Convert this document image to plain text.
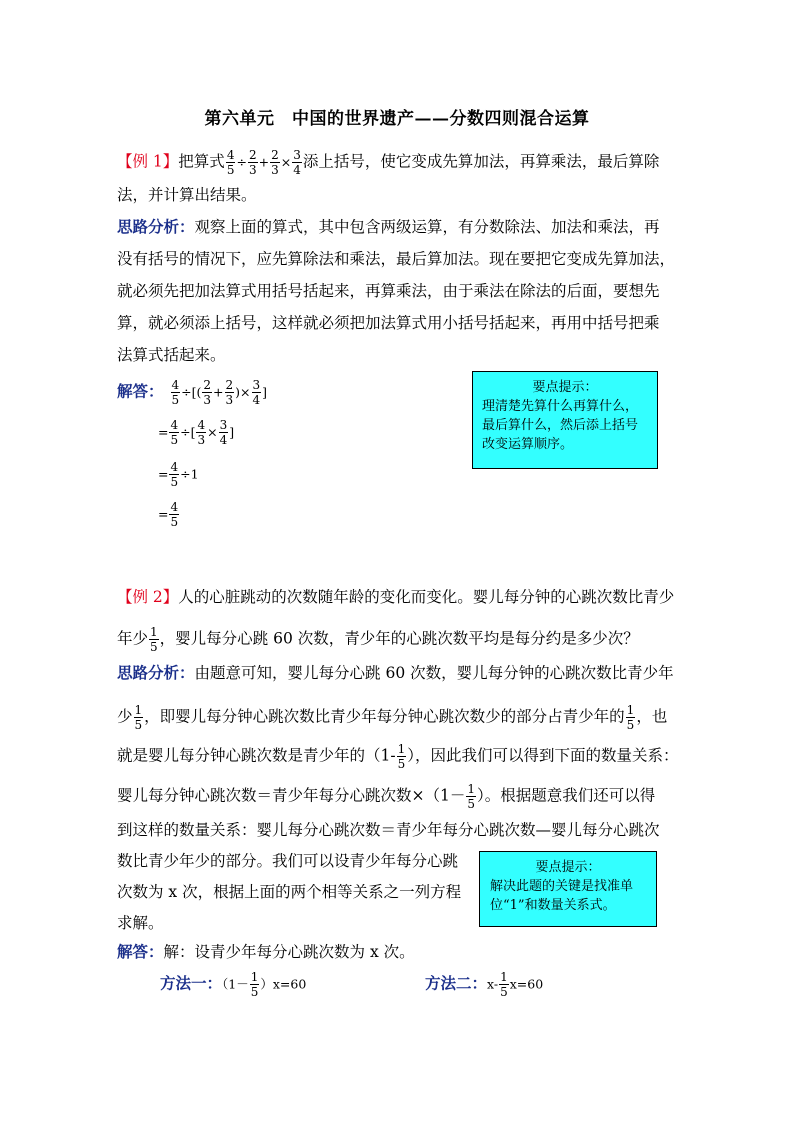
第六单元　中国的世界遗产——分数四则混合运算
【例 1】把算式 $\frac{4}{5} \div \frac{2}{3} + \frac{2}{3} \times \frac{3}{4}$ 添上括号，使它变成先算加法，再算乘法，最后算除
法，并计算出结果。
思路分析：观察上面的算式，其中包含两级运算，有分数除法、加法和乘法，再
没有括号的情况下，应先算除法和乘法，最后算加法。现在要把它变成先算加法，
就必须先把加法算式用括号括起来，再算乘法，由于乘法在除法的后面，要想先
算，就必须添上括号，这样就必须把加法算式用小括号括起来，再用中括号把乘
法算式括起来。
解答： $\frac{4}{5}$ ÷[( $\frac{2}{3} + \frac{2}{3}$ )× $\frac{3}{4}$ ]
= $\frac{4}{5}$ ÷[ $\frac{4}{3} \times \frac{3}{4}$ ]
= $\frac{4}{5} \div 1$
= $\frac{4}{5}$
要点提示：
理清楚先算什么再算什么，
最后算什么，然后添上括号
改变运算顺序。
【例 2】人的心脏跳动的次数随年龄的变化而变化。婴儿每分钟的心跳次数比青少
年少 $\frac{1}{5}$ ，婴儿每分心跳 60 次数，青少年的心跳次数平均是每分约是多少次？
思路分析：由题意可知，婴儿每分心跳 60 次数，婴儿每分钟的心跳次数比青少年
少 $\frac{1}{5}$ ，即婴儿每分钟心跳次数比青少年每分钟心跳次数少的部分占青少年的 $\frac{1}{5}$ ，也
就是婴儿每分钟心跳次数是青少年的（$1- \frac{1}{5}$ ），因此我们可以得到下面的数量关系：
婴儿每分钟心跳次数＝青少年每分心跳次数$\times(1- \frac{1}{5}$ ）。根据题意我们还可以得
到这样的数量关系：婴儿每分心跳次数＝青少年每分心跳次数—婴儿每分心跳次
数比青少年少的部分。我们可以设青少年每分心跳
次数为 x 次，根据上面的两个相等关系之一列方程
求解。
要点提示：
解决此题的关键是找准单
位“1”和数量关系式。
解答：解：设青少年每分心跳次数为 x 次。
方法一：$(1- \frac{1}{5} )x=60$	方法二：$x- \frac{1}{5} x=60$
